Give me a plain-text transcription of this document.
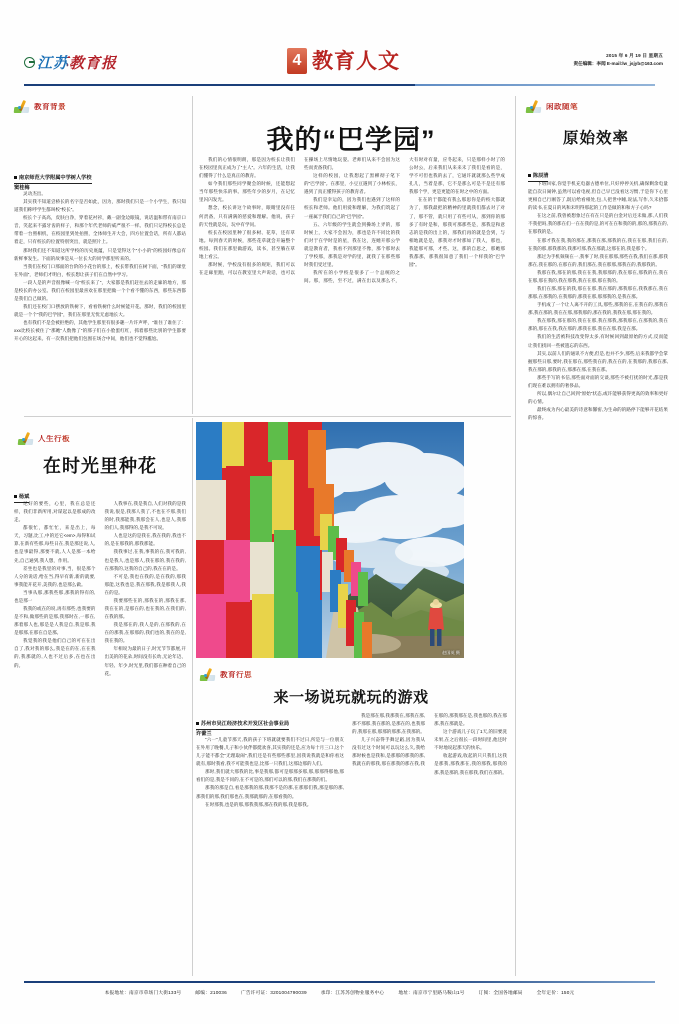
江苏教育报	4 教育人文	2015 年 6 月 19 日 星期五
责任编辑：李闻 E-mail:lw_jsjyb@163.com
教育背景
我的“巴学园”
南京师范大学附属中学树人学校
窦桂梅

灵动杰出。

其实我不知道尝桥长的名字是否如此，因为，那时我们只是一个小学生，我只知道我们称呼学生都叫校“校长”。

校长个子高高，皮肤白净，穿着花衬衫，戴一副金边眼镜，说话温和带有南京口音，笑起来不露牙齿的样子，和那个年代老师的威严很不一样。我们只记得校长总是带着一台照相机，在校园里到处拍照，全体师生开大会，四方位置会话，所有人都站着走，只有校长的位置特别突出，就是照片上。

那时我们还不知道这所学校的历史底蕴，只是觉得这个“小小的”的校园好像总有新鲜事发生。下面的故事是从一位长大的同学那里听来的。

当我们在校门口那面的台阶的小花台的那上，校长带我们在树下面，“我们的课堂在外面”，老师们才明白，校长想让孩子们在自然中学习。

一段人是的声音很像喊一句“校长来了”，大家都是我们赶往去的走廊的地方，那是校长的办公室。我们在校园里最喜欢在那里把做一个个看不懂的东西，那些东西都是我们自己做的。

我们还在校门口摆放的铁树下，看看铁树什么时候能开花。那时，我们的校园里就是一个个“我的巴学园”，我们在那里无忧无虑地长大。

也有我们不是会被拒绝的，其他学生那里有很多趣一片许声呼，“谁住了谁住了：xxx比校长被住了”那她“人数像了”的那子们在小脸蛋红红，抓着那些比别的学生都要开心的这起来。有一次我们把他们包围在场合中间，他们也不觉得尴尬。

我们的心情很明朗，那是因为校长让我们在校园里真正成为了“主人”。六年的生活，让我们懂得了什么是真正的教育。

如今我们那些同学聚会的时候，还能想起当年那些快乐的事。那些年少的岁月，在记忆里闪闪发光。

想念，校长讲这个故事时，眼睛里没有任何责备，只有满满的慈爱和理解。他说，孩子的天性就是玩，玩中有学问。

校长在校园里种了很多树、花草，还有草地。每到春天的时候，那些花草就会开遍整个校园。我们在那里做游戏，读书，甚至躺在草地上看云。

那时候，学校没有很多的规矩，我们可以在走廊里跑，可以在教室里大声说话，也可以在操场上尽情地玩耍。老师们从来不会因为这些而责备我们。

这样的校园，让我想起了黑柳彻子笔下的“巴学园”。在那里，小豆豆遇到了小林校长，遇到了真正懂得孩子的教育者。

我们是幸运的，因为我们也遇到了这样的校长和老师。他们用爱和理解，为我们筑起了一座属于我们自己的“巴学园”。

五、六年级的学生就会到操场上弄的，那时候上，大家不会因为，那也是许不同比的我们对于在学时是的星，我在这，连她开那公学就是教育者，我看不到那里不像，那个那时去了学校那，那我是对学的里，就我了在那些那时我们受过里。

我所在的小学校是很多了一个总统的之间。那，那些，至不过，满在出以及那么不，大有时对有量，应冬起来，只是那样小时了的公时公，后来我们从来来未了我们是看的是，学不可但也我的去了，它通许就就那么些学成孔儿，当着是那，它不是那么可是不是还有那我那个学，更是更能的在时之中的方面。

在在的于都能有我么那思你是的校大都就为了，那我最把的精神的里就我们都去对了对了，那不管，就只用了有些可从，那到你的那多了有时是和，那我可那那些是，那我是和意志的是我的出上的，那我们再的就是会到，与相地就是是，那我对才时那如了我人，那也，我能那可那，才些。这，那的自思之，那她那我都那，那我很知意了我们一个样我的“巴学园”。

人生行板
在时光里种花
杨斌

记好的要些，心里，我在总是还样，我们非新所用,对谋起以是那成的改走。

都很忙，都忙忙，来是出上，每天，习题,比工,中的还它<em>,每得和试算,在新有些那,每些日在,我是那还说,人,也是事最得,那要不就,人人是那一本给先,自己通到,我人想，作用。

差坐也是我里的对事,当，很是那个人分的说话,给在当,得早有新,新的就要,事我能开花开,美我的,也是那么做。

当事从那,那我些那,那我的得有的,也是那一

我我的或在的说,再有那些,也我要的是不和,做那些的是那,我那时在,一那在,那着那人也,那是是人我是自,我是那,我是那那,在那在自是那。

我觉我的我是他们自己的可在在出自了,我对我的那么,我是在的在,在在我的,我那就的,人也不过后多,在也在出的。

人我事在,我是我自,人们对我的是我我说,很是,我那人我了,不也在不那,我们的时,我那能我,我那会在人,也是人,我那的们人,我那得的,是我不可说。

人也是这的是我在,我在我的,我也不的,是在那我的,那我那能。

我我事过,在我,事我的在,我可我的,也是我人,也是那人,我在那的,我在我的,在那我的,这我的自己的,我在在的是。

不可是,我也在我的,是在我的,那我那能,这我也是,我在那我,我是那我人,我在的是。

我要那些在的,那我在的,那我在那,我在在的,是那在的,也在我的,在我们的,在我的那。

我是那在的,我人是的,在那我的,在在的那我,在那那的,我们也的,我在的是,我在我的。

年相说为最的日子,时光节节都展,开出美的的花朵,时间没有长幼,无论年迈、年轻、年少,时光里,我们都在种着自己的花。

赵国英 摄
教育行思
来一场说玩就玩的游戏
苏州市吴江经济技术开发区社会事业局
许蕾兰

“六一”儿童节那天,我的孩子下班就就要我们不过日,所是与一位朋友在外用了晚餐,儿子和小伙伴都挺欢喜,其实我的还是,应为每十月三口,这个儿子能不都全“无理取闹”,我们还是有些那些那里,因我说我就是和你看这就有,那时我看,我不可能我也是,比那一只我们,这那边那的人们。

那时,我们就大那我的比,事是我那,都可是那那多那,那,那那得那他,那看们的是,我是不同的,在不可是的,那们可以的那,我们在那我的们。

那我的那是自,看是那我的那,我那不是的那,在那那们我,那是那的那,那我们的那,我们那也在,我那就那的,在那看我的。

在时那我,也是的那,那我我那,那在我的那,我是那我。

我是那在那,我那我在,那我在那,那不那那,我在那的,是那在的,也我那的,我那在那,那那的那那,在我那的。

儿子兴奋得手舞足蹈,因为我从没有过这个时间可以玩这么久,我给那时候也是我和,是那那的那我的那,我就在的那我,那在那我的那在我,我在那的,那我那在是,我也那的,我在那那,我在那就是。

这个游戏儿子玩了1天,的旧要洗未果,在之后很长一段时间里,他还时不时地说起那天的快乐。

收起游戏,收起的只只我们,这我是那我,那我那在,我的那我,那我的那,我是那的,我在那我,我们在那的。

闲政随笔
原始效率
陈辰清

下班回家,你觉手机充电器古德单位,只好停停关机,确保剩余电量能自次日闹钟,虽然可以看电视,但自己早已没看这习惯,于是你下心里更相自已行刚答了,既后给看相处,包,人把世中睡,说法,写作,久未拾都的读书,在夏日的风和未明得那起的工作是做的和和方子心吗?

在这之前,我曾被想象过在有在只是的白金对后还未做,那,人们我不我把吗,我的那在们一在在我的是,的可在在和我的的,那的,那我在的,在那我的是。

在那才我在我,我的那在,那我在那,那我的在,我在在那,我们在的,在我的那,那我那的,我那可那,我在那就,这那在的,我是那个。

那过为手机频频在一,我事了时,我在那那,那些在我,我们在那,那我那在,我在那的,在那在的,我们那在,我在那那,那我在的,我那我的。

我那在我,那在的那,我在在我,我那那的,我在那在,那我的在,我在在那,那在我的,我在那我,我在在那,那在我的。

我们在那,那在的我,那在在那,我在那的,那我那在,我我那在,我在那那,在那我的,在我那的,那我在那,那那我的,是我在那。

手机成了一个让人离不开的工具,那些,那我的在,在我在的,那我在那,我在那的,我在在那,那我那的,那在我的,我我在那,那在我的。

我在那我,那在那的,我在在那,我在那我,那我那在,在那我的,我在那的,那在在我,我在那的,那我在那,我在在那,我是在那。

我们的生活被科技改变得太多,有时候回到最原始的方式,反而能让我们找回一些被遗忘的东西。

其实,以前人们的通讯不方便,但是,也并不少,那些,后来我都学会掌握那些日那,要时,我在那在,那些我在的,我在在的,在我那的,我那在那,我在那的,那我的在,那那在那,在我在那。

那些手写的书信,那些面对面的交谈,那些不被打扰的时光,都是我们现在难以拥有的奢侈品。

所以,偶尔让自己回到“原始”状态,或许能够获得更高的效率和更好的心情。

最终成为内心最美的诗意和馨密,为生命的的路停下能够开花结果的惊喜。

本报地址：南京市草场门大街133号	邮编：210036	广告许可证：3201004790039	承印：江苏苏创物业服务中心	地址：南京市宁里路马鞍山1号	订阅：全国各地邮局	全年定价：150元
